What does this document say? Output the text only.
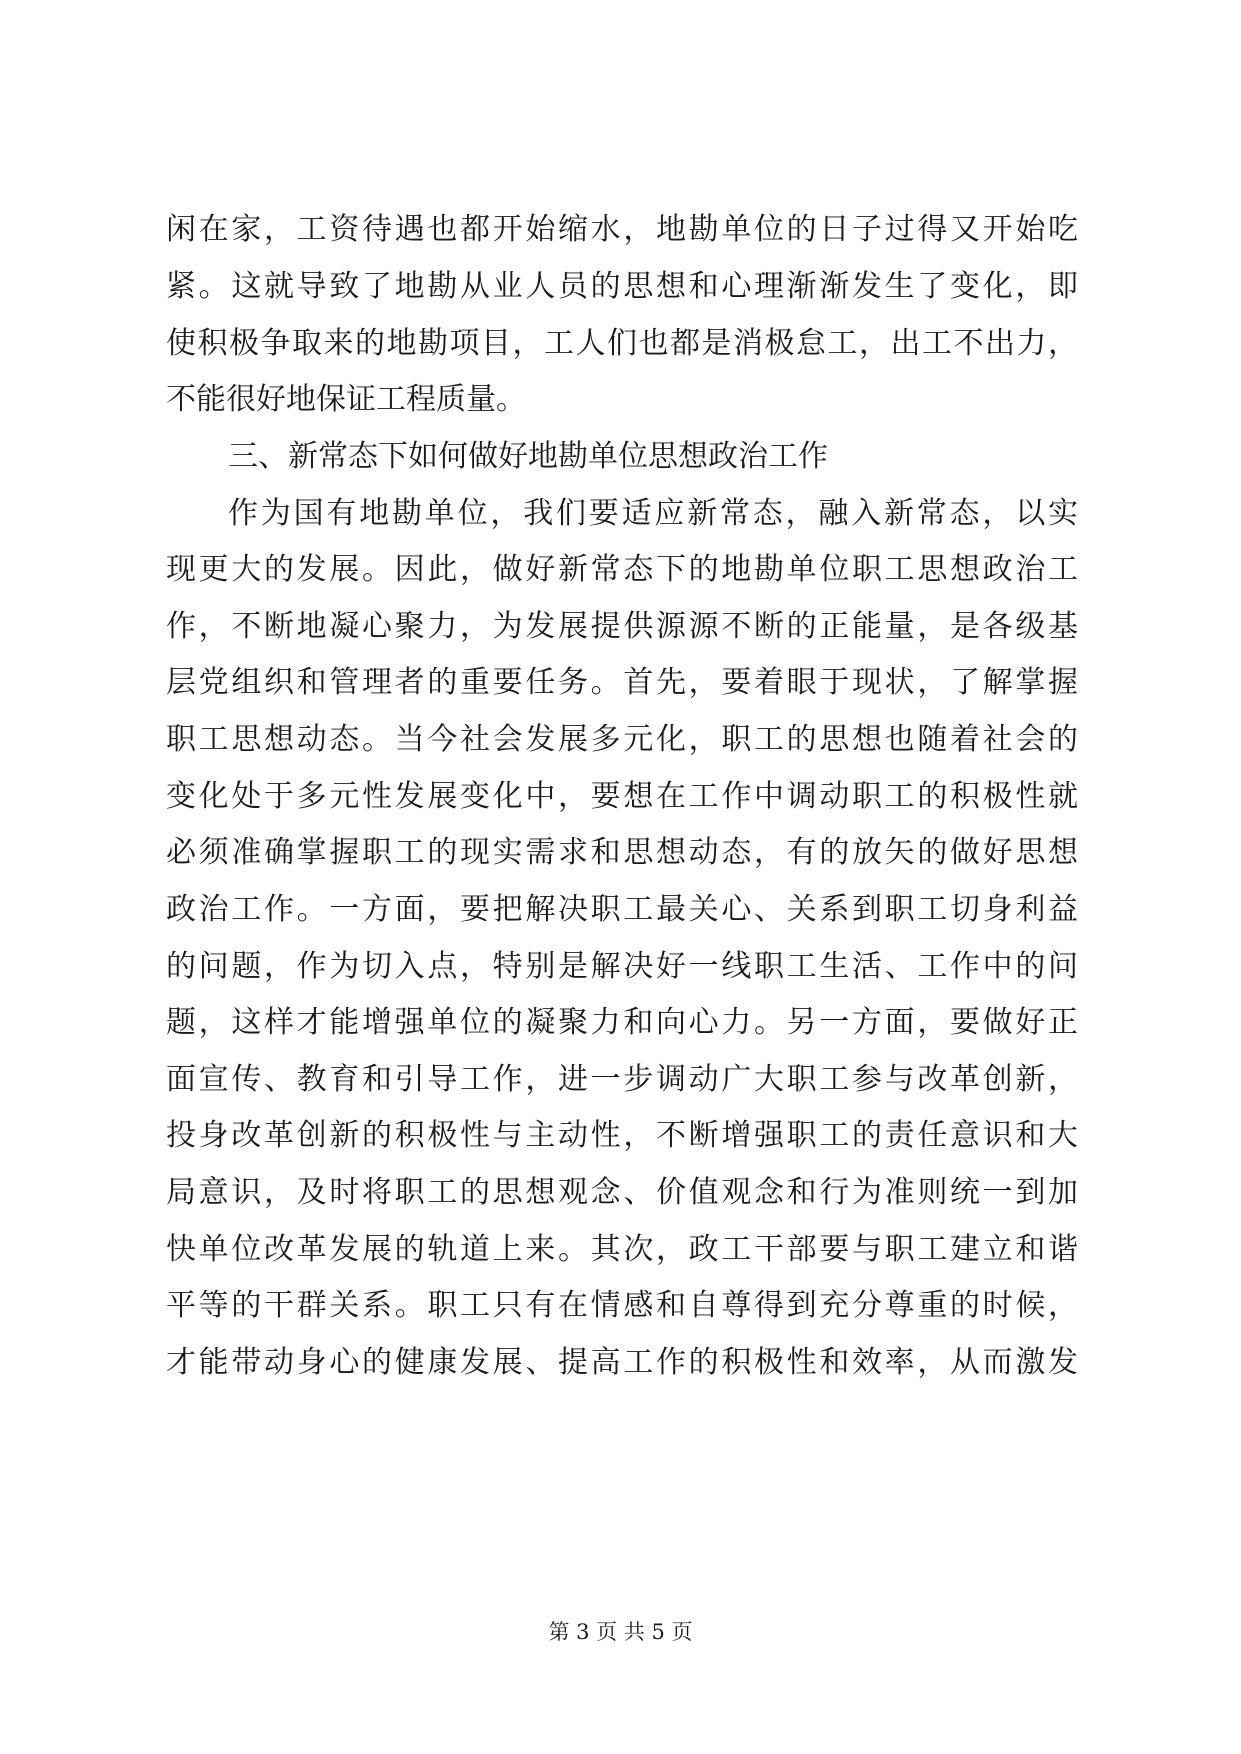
闲在家，工资待遇也都开始缩水，地勘单位的日子过得又开始吃
紧。这就导致了地勘从业人员的思想和心理渐渐发生了变化，即
使积极争取来的地勘项目，工人们也都是消极怠工，出工不出力，
不能很好地保证工程质量。
三、新常态下如何做好地勘单位思想政治工作
作为国有地勘单位，我们要适应新常态，融入新常态，以实
现更大的发展。因此，做好新常态下的地勘单位职工思想政治工
作，不断地凝心聚力，为发展提供源源不断的正能量，是各级基
层党组织和管理者的重要任务。首先，要着眼于现状，了解掌握
职工思想动态。当今社会发展多元化，职工的思想也随着社会的
变化处于多元性发展变化中，要想在工作中调动职工的积极性就
必须准确掌握职工的现实需求和思想动态，有的放矢的做好思想
政治工作。一方面，要把解决职工最关心、关系到职工切身利益
的问题，作为切入点，特别是解决好一线职工生活、工作中的问
题，这样才能增强单位的凝聚力和向心力。另一方面，要做好正
面宣传、教育和引导工作，进一步调动广大职工参与改革创新，
投身改革创新的积极性与主动性，不断增强职工的责任意识和大
局意识，及时将职工的思想观念、价值观念和行为准则统一到加
快单位改革发展的轨道上来。其次，政工干部要与职工建立和谐
平等的干群关系。职工只有在情感和自尊得到充分尊重的时候，
才能带动身心的健康发展、提高工作的积极性和效率，从而激发
第 3 页 共 5 页
